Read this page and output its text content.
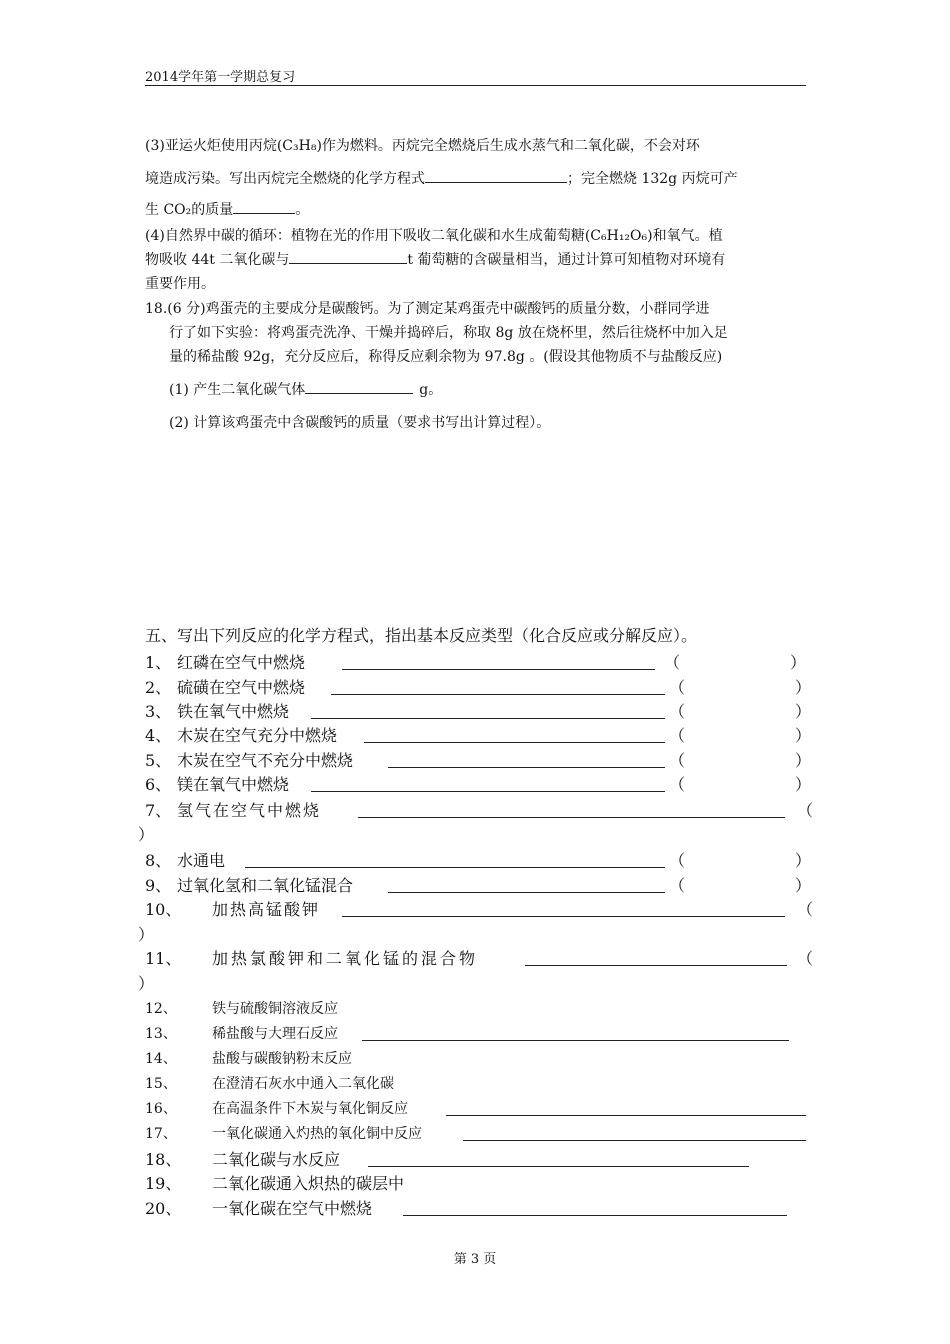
2014学年第一学期总复习
(3)亚运火炬使用丙烷(C₃H₈)作为燃料。丙烷完全燃烧后生成水蒸气和二氧化碳，不会对环
境造成污染。写出丙烷完全燃烧的化学方程式	；完全燃烧 132g 丙烷可产
生 CO₂的质量	。
(4)自然界中碳的循环：植物在光的作用下吸收二氧化碳和水生成葡萄糖(C₆H₁₂O₆)和氧气。植
物吸收 44t 二氧化碳与	t 葡萄糖的含碳量相当，通过计算可知植物对环境有
重要作用。
18.(6 分)鸡蛋壳的主要成分是碳酸钙。为了测定某鸡蛋壳中碳酸钙的质量分数，小群同学进
行了如下实验：将鸡蛋壳洗净、干燥并捣碎后，称取 8g 放在烧杯里，然后往烧杯中加入足
量的稀盐酸 92g，充分反应后，称得反应剩余物为 97.8g 。(假设其他物质不与盐酸反应)
(1) 产生二氧化碳气体	g。
(2) 计算该鸡蛋壳中含碳酸钙的质量（要求书写出计算过程）。
五、写出下列反应的化学方程式，指出基本反应类型（化合反应或分解反应）。
1、 红磷在空气中燃烧	（	）
2、 硫磺在空气中燃烧	（	）
3、 铁在氧气中燃烧	（	）
4、 木炭在空气充分中燃烧	（	）
5、 木炭在空气不充分中燃烧	（	）
6、 镁在氧气中燃烧	（	）
7、 氢气在空气中燃烧	（
）
8、 水通电	（	）
9、 过氧化氢和二氧化锰混合	（	）
10、 加热高锰酸钾	（
）
11、 加热氯酸钾和二氧化锰的混合物	（
）
12、	铁与硫酸铜溶液反应
13、	稀盐酸与大理石反应
14、	盐酸与碳酸钠粉末反应
15、	在澄清石灰水中通入二氧化碳
16、	在高温条件下木炭与氧化铜反应
17、	一氧化碳通入灼热的氧化铜中反应
18、 二氧化碳与水反应
19、 二氧化碳通入炽热的碳层中
20、 一氧化碳在空气中燃烧
第 3 页
